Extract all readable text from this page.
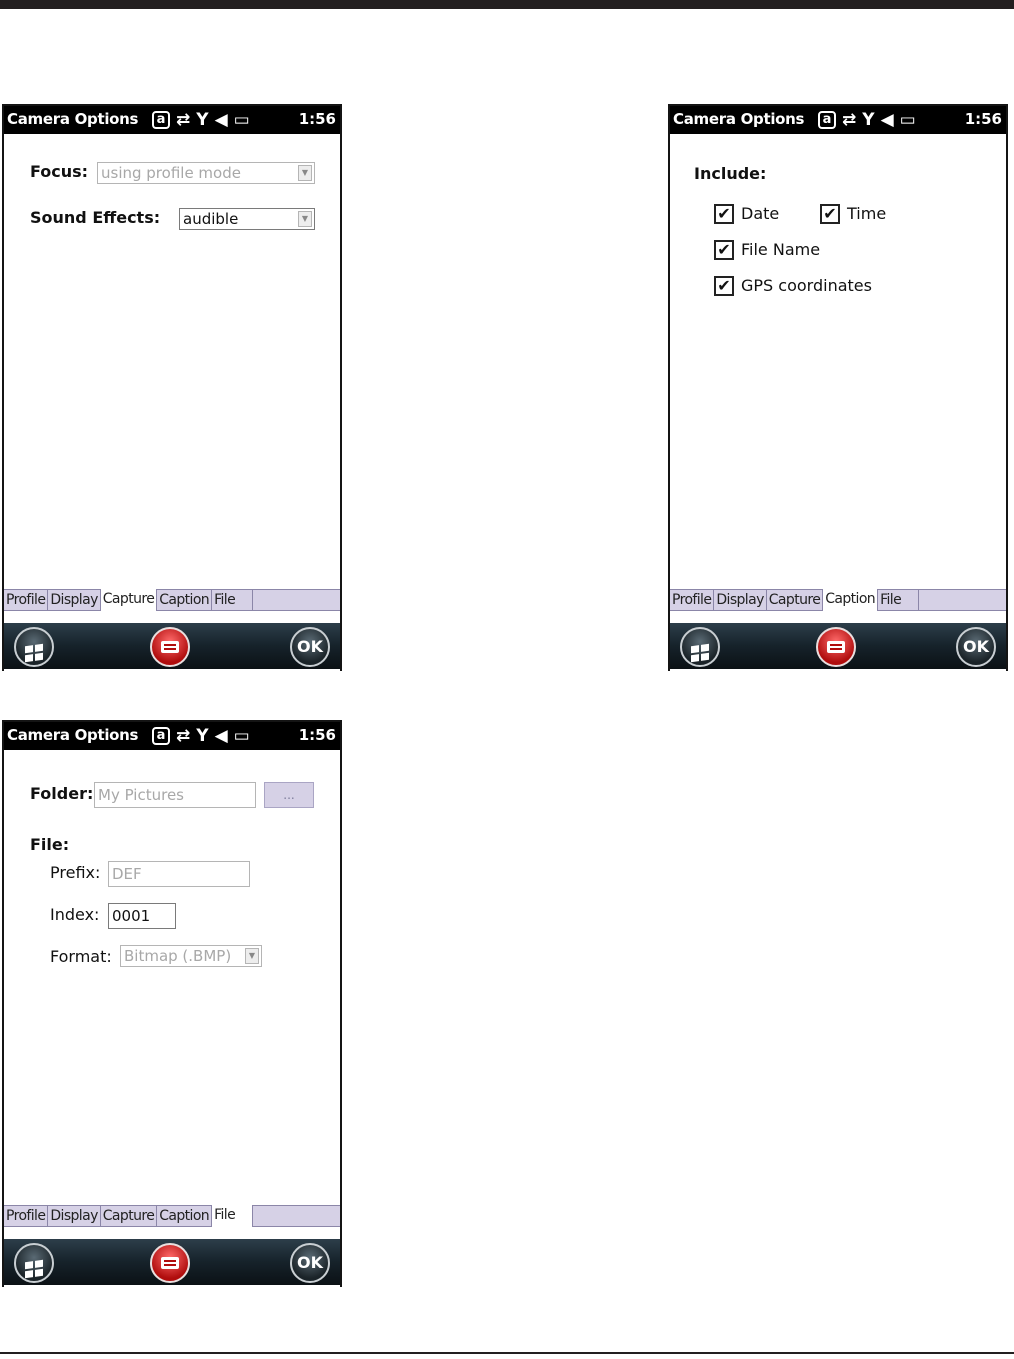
Camera Options	a ⇄ Y ◀ ▭	1:56
Focus: using profile mode	▼
Sound Effects: audible	▼
Profile Display Capture Caption File
OK
Camera Options	a ⇄ Y ◀ ▭	1:56
Include:
✔ Date	✔ Time
✔ File Name
✔ GPS coordinates
Profile Display Capture Caption File
OK
Camera Options	a ⇄ Y ◀ ▭	1:56
Folder: My Pictures	...
File:
Prefix: DEF
Index: 0001
Format: Bitmap (.BMP)	▼
Profile Display Capture Caption File
OK
